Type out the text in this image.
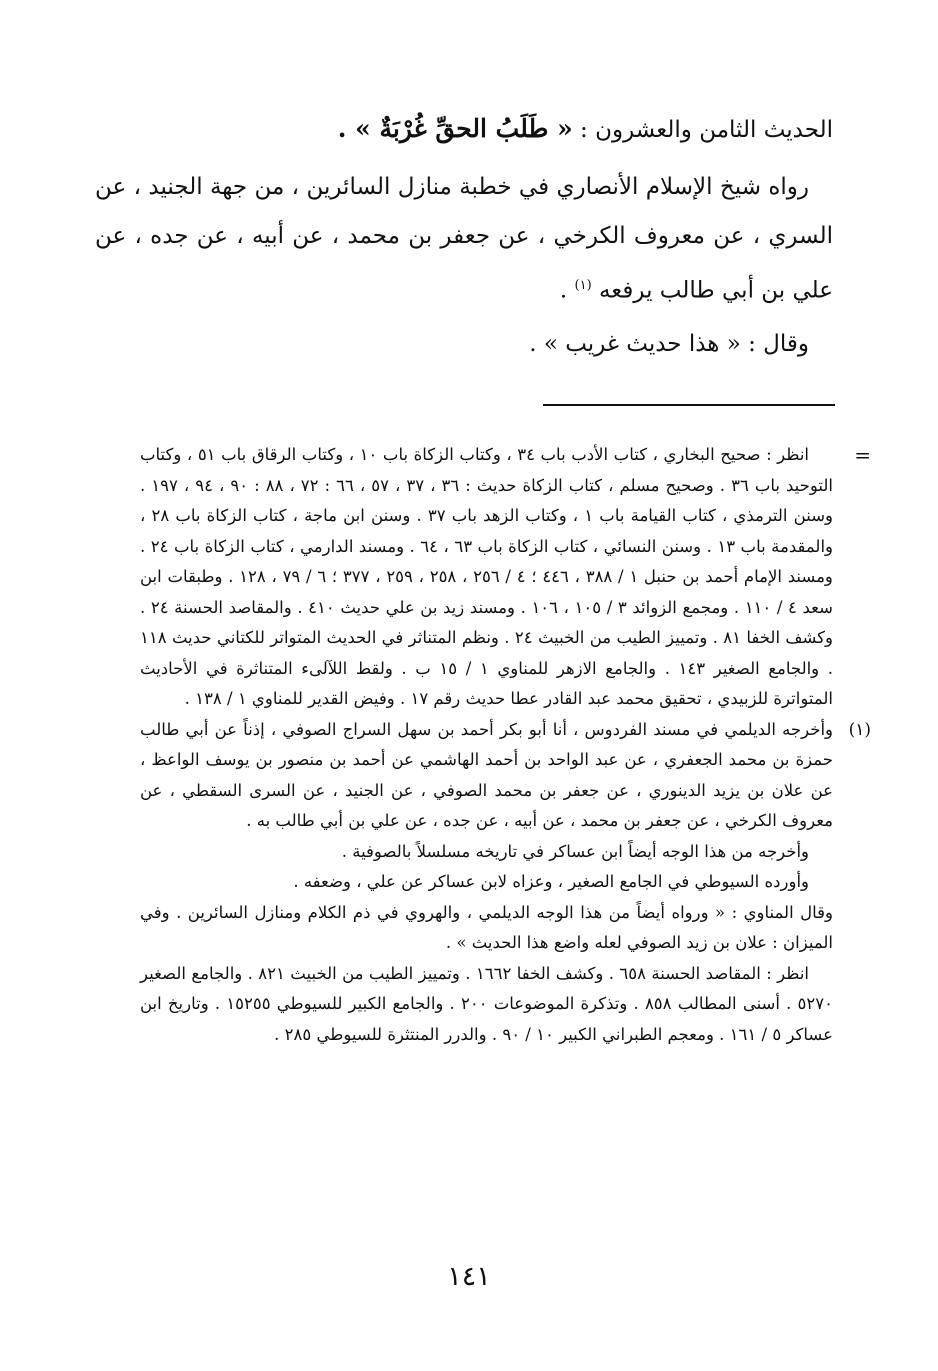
الحديث الثامن والعشرون : « طَلَبُ الحقِّ غُرْبَةٌ » .

رواه شيخ الإسلام الأنصاري في خطبة منازل السائرين ، من جهة الجنيد ، عن السري ، عن معروف الكرخي ، عن جعفر بن محمد ، عن أبيه ، عن جده ، عن علي بن أبي طالب يرفعه $^{(١)}$ .

وقال : « هذا حديث غريب » .

=

انظر : صحيح البخاري ، كتاب الأدب باب ٣٤ ، وكتاب الزكاة باب ١٠ ، وكتاب الرقاق باب ٥١ ، وكتاب التوحيد باب ٣٦ . وصحيح مسلم ، كتاب الزكاة حديث : ٣٦ ، ٣٧ ، ٥٧ ، ٦٦ : ٧٢ ، ٨٨ : ٩٠ ، ٩٤ ، ١٩٧ . وسنن الترمذي ، كتاب القيامة باب ١ ، وكتاب الزهد باب ٣٧ . وسنن ابن ماجة ، كتاب الزكاة باب ٢٨ ، والمقدمة باب ١٣ . وسنن النسائي ، كتاب الزكاة باب ٦٣ ، ٦٤ . ومسند الدارمي ، كتاب الزكاة باب ٢٤ . ومسند الإمام أحمد بن حنبل ١ / ٣٨٨ ، ٤٤٦ ؛ ٤ / ٢٥٦ ، ٢٥٨ ، ٢٥٩ ، ٣٧٧ ؛ ٦ / ٧٩ ، ١٢٨ . وطبقات ابن سعد ٤ / ١١٠ . ومجمع الزوائد ٣ / ١٠٥ ، ١٠٦ . ومسند زيد بن علي حديث ٤١٠ . والمقاصد الحسنة ٢٤ . وكشف الخفا ٨١ . وتمييز الطيب من الخبيث ٢٤ . ونظم المتناثر في الحديث المتواتر للكتاني حديث ١١٨ . والجامع الصغير ١٤٣ . والجامع الازهر للمناوي ١ / ١٥ ب . ولقط اللآلىء المتناثرة في الأحاديث المتواترة للزبيدي ، تحقيق محمد عبد القادر عطا حديث رقم ١٧ . وفيض القدير للمناوي ١ / ١٣٨ .

(١)

وأخرجه الديلمي في مسند الفردوس ، أنا أبو بكر أحمد بن سهل السراج الصوفي ، إذناً عن أبي طالب حمزة بن محمد الجعفري ، عن عبد الواحد بن أحمد الهاشمي عن أحمد بن منصور بن يوسف الواعظ ، عن علان بن يزيد الدينوري ، عن جعفر بن محمد الصوفي ، عن الجنيد ، عن السرى السقطي ، عن معروف الكرخي ، عن جعفر بن محمد ، عن أبيه ، عن جده ، عن علي بن أبي طالب به .

وأخرجه من هذا الوجه أيضاً ابن عساكر في تاريخه مسلسلاً بالصوفية .

وأورده السيوطي في الجامع الصغير ، وعزاه لابن عساكر عن علي ، وضعفه .

وقال المناوي : « ورواه أيضاً من هذا الوجه الديلمي ، والهروي في ذم الكلام ومنازل السائرين . وفي الميزان : علان بن زيد الصوفي لعله واضع هذا الحديث » .

انظر : المقاصد الحسنة ٦٥٨ . وكشف الخفا ١٦٦٢ . وتمييز الطيب من الخبيث ٨٢١ . والجامع الصغير ٥٢٧٠ . أسنى المطالب ٨٥٨ . وتذكرة الموضوعات ٢٠٠ . والجامع الكبير للسيوطي ١٥٢٥٥ . وتاريخ ابن عساكر ٥ / ١٦١ . ومعجم الطبراني الكبير ١٠ / ٩٠ . والدرر المنتثرة للسيوطي ٢٨٥ .

١٤١
